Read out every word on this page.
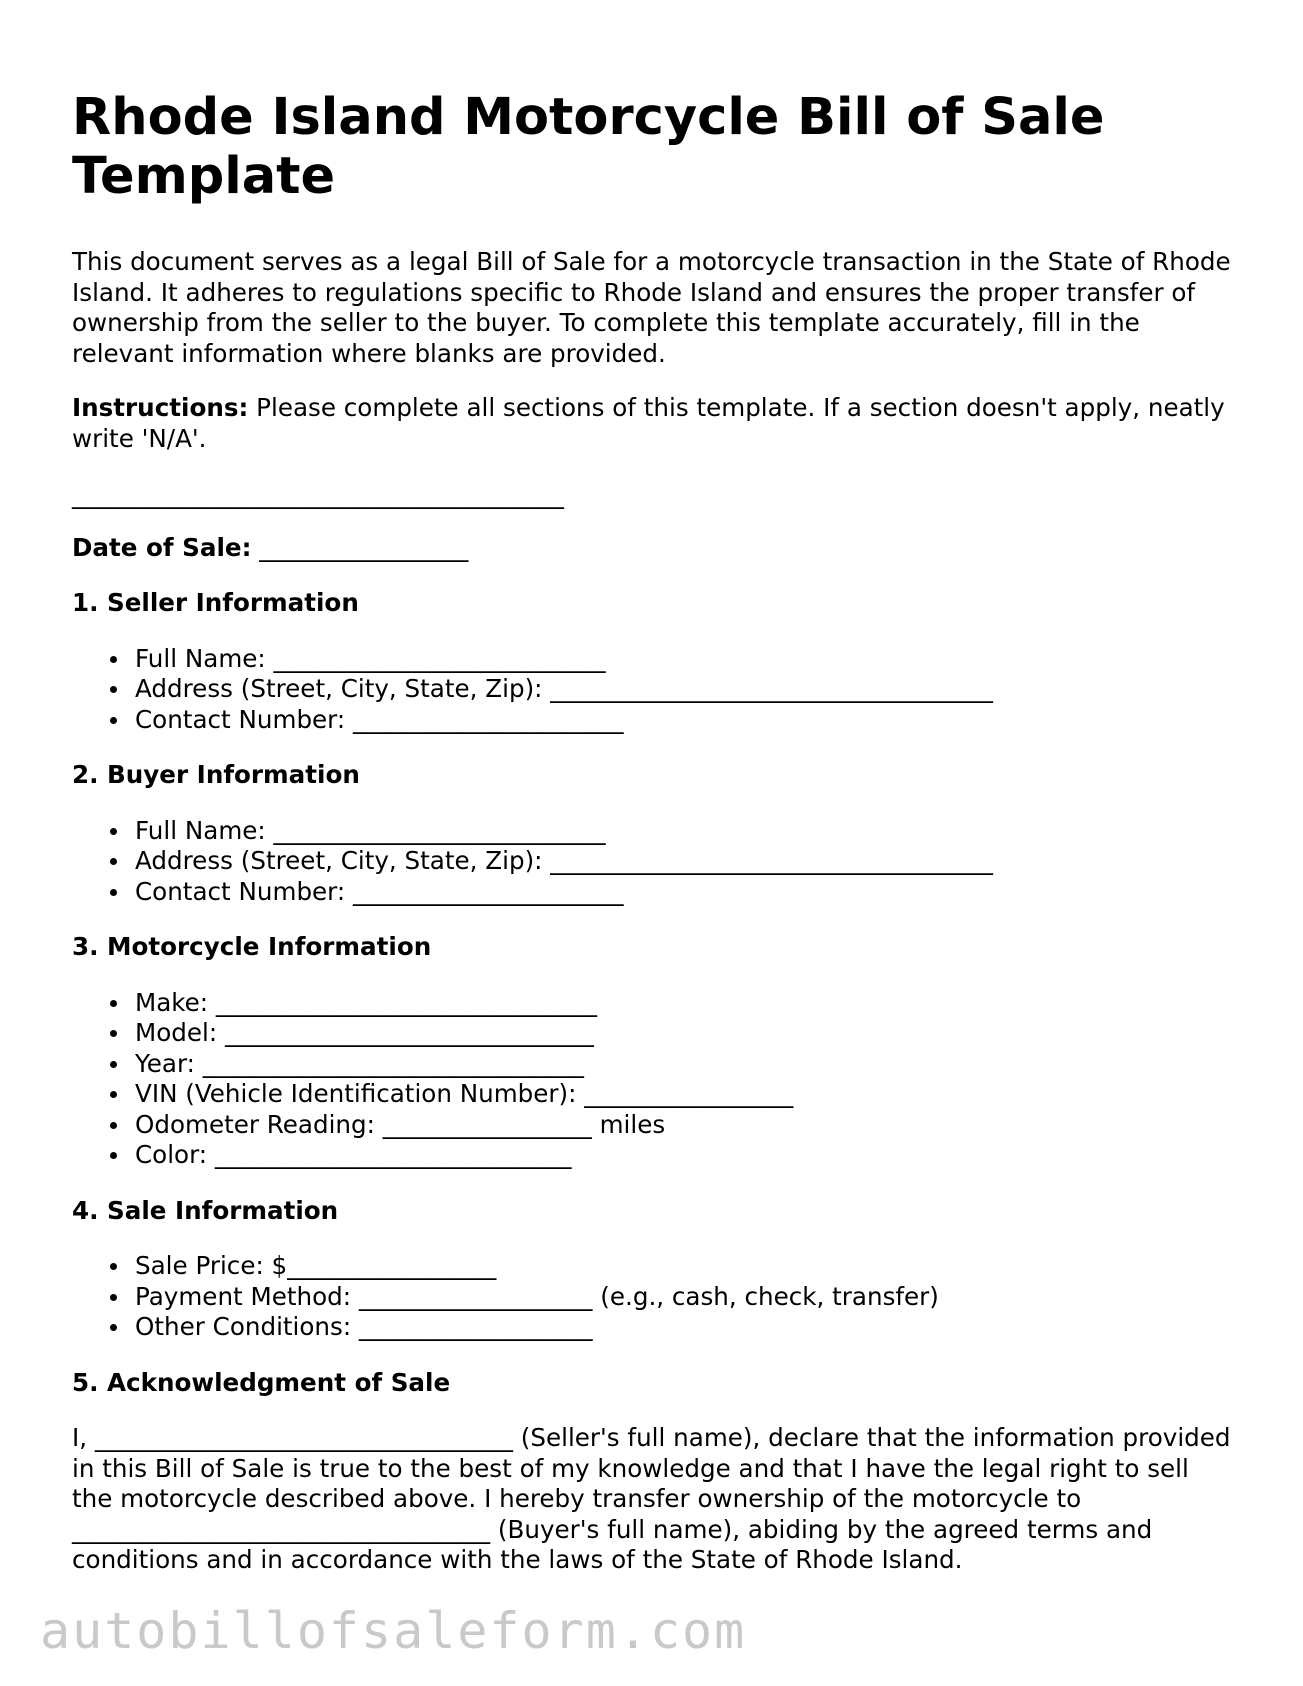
Rhode Island Motorcycle Bill of Sale Template

This document serves as a legal Bill of Sale for a motorcycle transaction in the State of Rhode Island. It adheres to regulations specific to Rhode Island and ensures the proper transfer of ownership from the seller to the buyer. To complete this template accurately, fill in the relevant information where blanks are provided.

Instructions: Please complete all sections of this template. If a section doesn't apply, neatly write 'N/A'.

________________________________________
Date of Sale: _________________
1. Seller Information
Full Name: ___________________________
Address (Street, City, State, Zip): ____________________________________
Contact Number: ______________________
2. Buyer Information
Full Name: ___________________________
Address (Street, City, State, Zip): ____________________________________
Contact Number: ______________________
3. Motorcycle Information
Make: _______________________________
Model: ______________________________
Year: _______________________________
VIN (Vehicle Identification Number): _________________
Odometer Reading: _________________ miles
Color: _____________________________
4. Sale Information
Sale Price: $_________________
Payment Method: ___________________ (e.g., cash, check, transfer)
Other Conditions: ___________________
5. Acknowledgment of Sale

I, __________________________________ (Seller's full name), declare that the information provided in this Bill of Sale is true to the best of my knowledge and that I have the legal right to sell the motorcycle described above. I hereby transfer ownership of the motorcycle to __________________________________ (Buyer's full name), abiding by the agreed terms and conditions and in accordance with the laws of the State of Rhode Island.

autobillofsaleform.com
